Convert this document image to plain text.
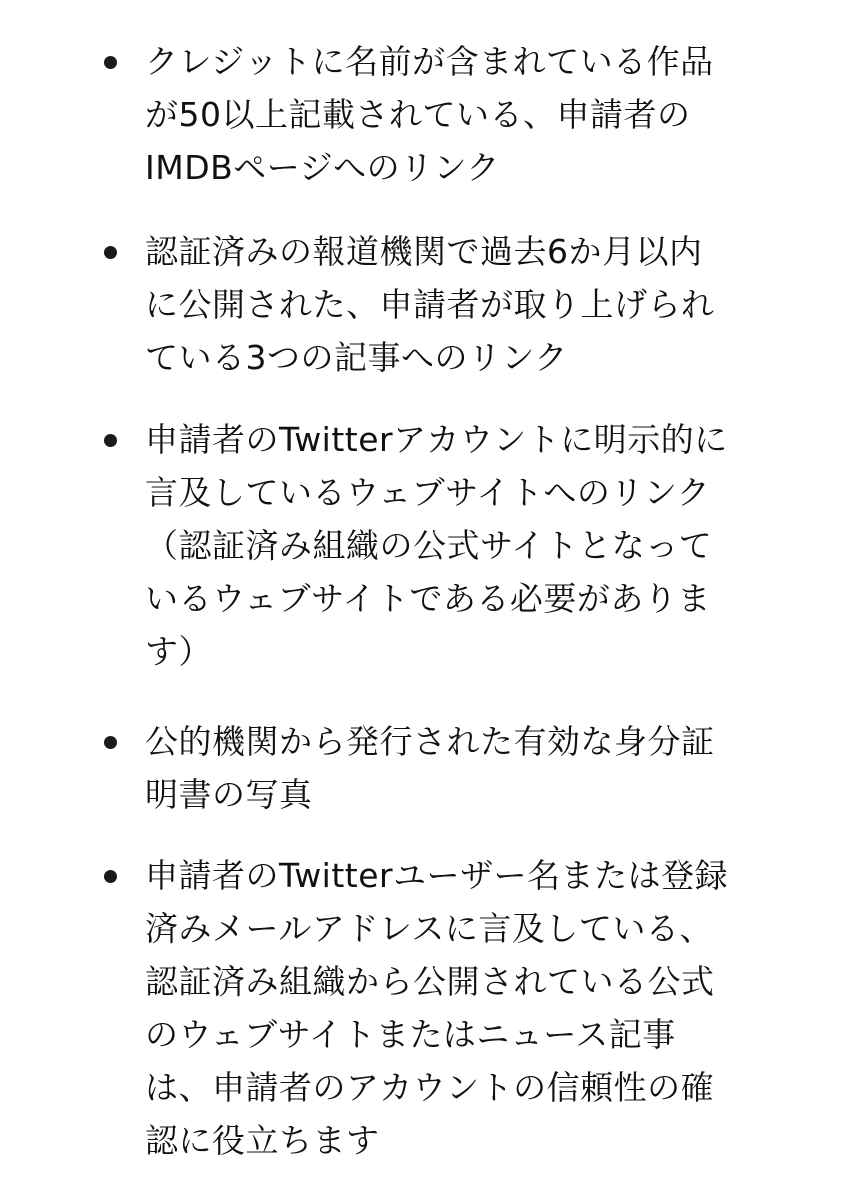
クレジットに名前が含まれている作品
が50以上記載されている、申請者の
IMDBページへのリンク
認証済みの報道機関で過去6か月以内
に公開された、申請者が取り上げられ
ている3つの記事へのリンク
申請者のTwitterアカウントに明示的に
言及しているウェブサイトへのリンク
（認証済み組織の公式サイトとなって
いるウェブサイトである必要がありま
す）
公的機関から発行された有効な身分証
明書の写真
申請者のTwitterユーザー名または登録
済みメールアドレスに言及している、
認証済み組織から公開されている公式
のウェブサイトまたはニュース記事
は、申請者のアカウントの信頼性の確
認に役立ちます
